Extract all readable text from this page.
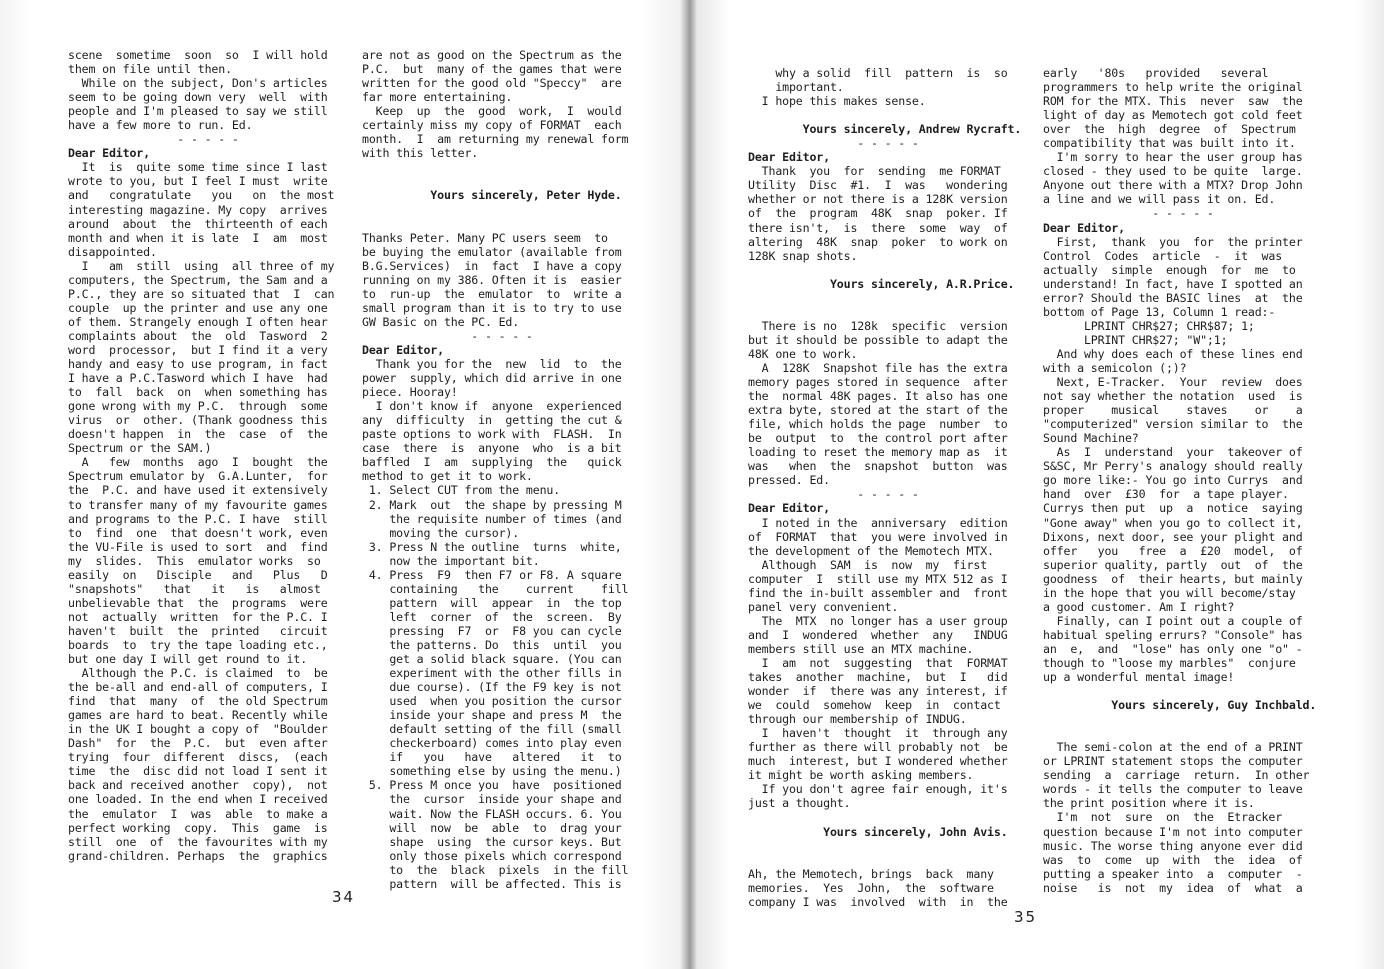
scene  sometime  soon  so  I will hold
them on file until then.
While on the subject, Don's articles
seem to be going down very  well  with
people and I'm pleased to say we still
have a few more to run. Ed.
- - - - -
Dear Editor,
It  is  quite some time since I last
wrote to you, but I feel I must  write
and   congratulate   you   on  the most
interesting magazine. My copy  arrives
around  about  the  thirteenth of each
month and when it is late  I  am  most
disappointed.
I   am  still  using  all three of my
computers, the Spectrum, the Sam and a
P.C., they are so situated that  I  can
couple  up the printer and use any one
of them. Strangely enough I often hear
complaints about  the  old  Tasword  2
word  processor,  but I find it a very
handy and easy to use program, in fact
I have a P.C.Tasword which I have  had
to  fall  back  on  when something has
gone wrong with my P.C.  through  some
virus  or  other. (Thank goodness this
doesn't happen  in  the  case  of  the
Spectrum or the SAM.)
A   few  months  ago  I  bought  the
Spectrum emulator by  G.A.Lunter,  for
the  P.C. and have used it extensively
to transfer many of my favourite games
and programs to the P.C. I have  still
to  find  one  that doesn't work, even
the VU-File is used to sort  and  find
my  slides.  This  emulator works  so
easily  on   Disciple   and   Plus   D
"snapshots"   that   it   is   almost
unbelievable that  the  programs  were
not  actually  written  for the P.C. I
haven't  built  the  printed   circuit
boards  to  try the tape loading etc.,
but one day I will get round to it.
Although the P.C. is claimed  to  be
the be-all and end-all of computers, I
find  that  many  of  the old Spectrum
games are hard to beat. Recently while
in the UK I bought a copy of  "Boulder
Dash"  for  the  P.C.  but  even after
trying  four  different  discs,  (each
time  the  disc did not load I sent it
back and received another  copy),  not
one loaded. In the end when I received
the  emulator  I  was  able  to make a
perfect working  copy.  This  game  is
still  one  of  the favourites with my
grand-children. Perhaps  the  graphics
are not as good on the Spectrum as the
P.C.  but  many of the games that were
written for the good old "Speccy"  are
far more entertaining.
Keep  up  the  good  work,  I  would
certainly miss my copy of FORMAT  each
month.  I  am returning my renewal form
with this letter.
Yours sincerely, Peter Hyde.
Thanks Peter. Many PC users seem  to
be buying the emulator (available from
B.G.Services)  in  fact  I have a copy
running on my 386. Often it is  easier
to  run-up  the  emulator  to  write a
small program than it is to try to use
GW Basic on the PC. Ed.
- - - - -
Dear Editor,
Thank you for the  new  lid  to  the
power  supply, which did arrive in one
piece. Hooray!
I don't know if  anyone  experienced
any  difficulty  in  getting the cut &
paste options to work with  FLASH.  In
case  there  is  anyone  who  is a bit
baffled  I  am  supplying  the   quick
method to get it to work.
1. Select CUT from the menu.
2. Mark  out  the shape by pressing M
the requisite number of times (and
moving the cursor).
3. Press N the outline  turns  white,
now the important bit.
4. Press  F9  then F7 or F8. A square
containing   the    current    fill
pattern  will  appear  in  the top
left  corner  of  the  screen.  By
pressing  F7  or  F8 you can cycle
the patterns. Do  this  until  you
get a solid black square. (You can
experiment with the other fills in
due course). (If the F9 key is not
used  when you position the cursor
inside your shape and press M  the
default setting of the fill (small
checkerboard) comes into play even
if   you   have   altered   it  to
something else by using the menu.)
5. Press M once you  have  positioned
the  cursor  inside your shape and
wait. Now the FLASH occurs. 6. You
will  now  be  able  to  drag your
shape  using  the cursor keys. But
only those pixels which correspond
to  the  black  pixels  in the fill
pattern  will be affected. This is
why a solid  fill  pattern  is  so
important.
I hope this makes sense.
Yours sincerely, Andrew Rycraft.
- - - - -
Dear Editor,
Thank  you  for  sending  me FORMAT
Utility  Disc  #1.  I  was   wondering
whether or not there is a 128K version
of  the  program  48K  snap  poker. If
there isn't,  is  there  some  way  of
altering  48K  snap  poker  to work on
128K snap shots.
Yours sincerely, A.R.Price.
There is no  128k  specific  version
but it should be possible to adapt the
48K one to work.
A  128K  Snapshot file has the extra
memory pages stored in sequence  after
the  normal 48K pages. It also has one
extra byte, stored at the start of the
file, which holds the page  number  to
be  output  to  the control port after
loading to reset the memory map as  it
was   when  the  snapshot  button  was
pressed. Ed.
- - - - -
Dear Editor,
I noted in the  anniversary  edition
of  FORMAT  that  you were involved in
the development of the Memotech MTX.
Although  SAM  is  now  my  first
computer  I  still use my MTX 512 as I
find the in-built assembler and  front
panel very convenient.
The  MTX  no longer has a user group
and  I  wondered  whether  any   INDUG
members still use an MTX machine.
I  am  not  suggesting  that  FORMAT
takes  another  machine,  but  I   did
wonder  if  there was any interest, if
we  could  somehow  keep  in  contact
through our membership of INDUG.
I  haven't  thought  it  through any
further as there will probably not  be
much  interest, but I wondered whether
it might be worth asking members.
If you don't agree fair enough, it's
just a thought.
Yours sincerely, John Avis.
Ah, the Memotech, brings  back  many
memories.  Yes  John,  the  software
company I was  involved  with  in  the
early   '80s   provided   several
programmers to help write the original
ROM for the MTX. This  never  saw  the
light of day as Memotech got cold feet
over  the  high  degree  of  Spectrum
compatibility that was built into it.
I'm sorry to hear the user group has
closed - they used to be quite  large.
Anyone out there with a MTX? Drop John
a line and we will pass it on. Ed.
- - - - -
Dear Editor,
First,  thank  you  for  the printer
Control  Codes  article  -  it  was
actually  simple  enough  for  me  to
understand! In fact, have I spotted an
error? Should the BASIC lines  at  the
bottom of Page 13, Column 1 read:-
LPRINT CHR$27; CHR$87; 1;
LPRINT CHR$27; "W";1;
And why does each of these lines end
with a semicolon (;)?
Next, E-Tracker.  Your  review  does
not say whether the notation  used  is
proper    musical    staves    or    a
"computerized" version similar to  the
Sound Machine?
As  I  understand  your  takeover of
S&SC, Mr Perry's analogy should really
go more like:- You go into Currys  and
hand  over  £30  for  a tape player.
Currys then put  up  a  notice  saying
"Gone away" when you go to collect it,
Dixons, next door, see your plight and
offer   you   free  a  £20  model,  of
superior quality, partly  out  of  the
goodness  of  their hearts, but mainly
in the hope that you will become/stay
a good customer. Am I right?
Finally, can I point out a couple of
habitual speling errurs? "Console" has
an  e,  and  "lose" has only one "o" -
though to "loose my marbles"  conjure
up a wonderful mental image!
Yours sincerely, Guy Inchbald.
The semi-colon at the end of a PRINT
or LPRINT statement stops the computer
sending  a  carriage  return.  In other
words - it tells the computer to leave
the print position where it is.
I'm  not  sure  on  the  Etracker
question because I'm not into computer
music. The worse thing anyone ever did
was  to  come  up  with  the  idea  of
putting a speaker into  a  computer  -
noise   is  not  my  idea  of  what  a
34
35
